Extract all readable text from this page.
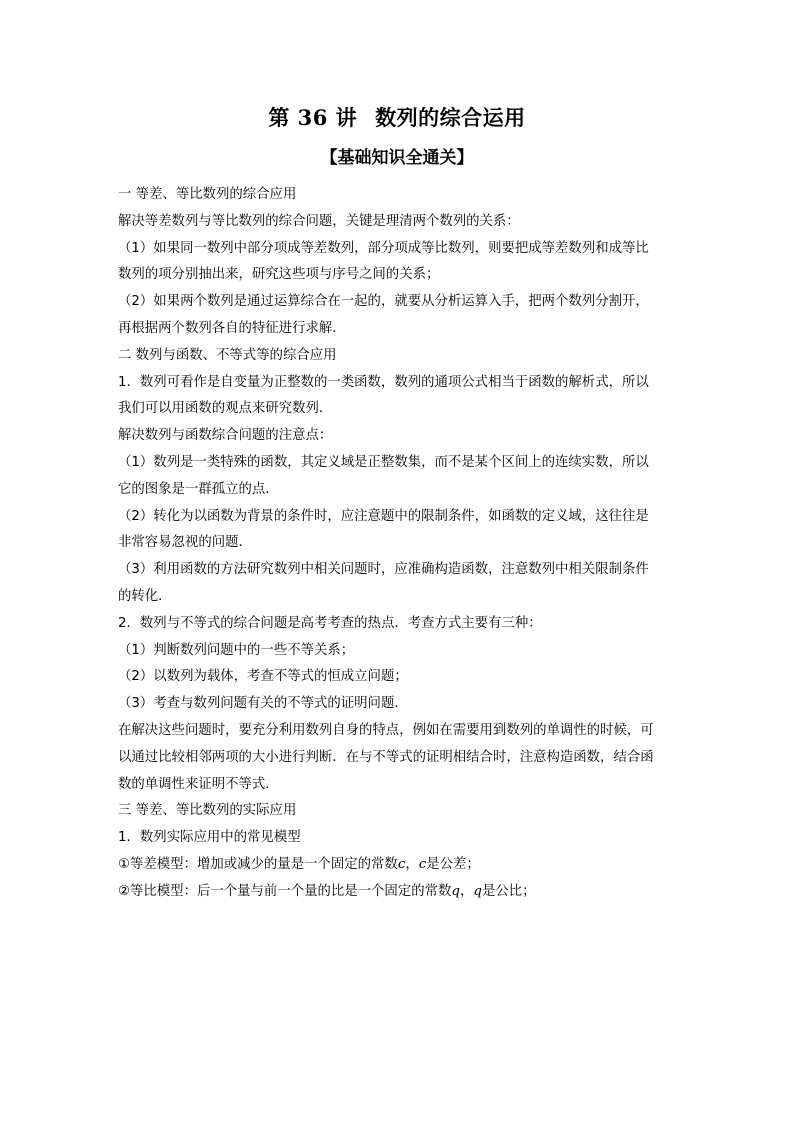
第 36 讲 数列的综合运用
【基础知识全通关】

一 等差、等比数列的综合应用

解决等差数列与等比数列的综合问题，关键是理清两个数列的关系：

（1）如果同一数列中部分项成等差数列，部分项成等比数列，则要把成等差数列和成等比

数列的项分别抽出来，研究这些项与序号之间的关系；

（2）如果两个数列是通过运算综合在一起的，就要从分析运算入手，把两个数列分割开，

再根据两个数列各自的特征进行求解．

二 数列与函数、不等式等的综合应用

1．数列可看作是自变量为正整数的一类函数，数列的通项公式相当于函数的解析式，所以

我们可以用函数的观点来研究数列．

解决数列与函数综合问题的注意点：

（1）数列是一类特殊的函数，其定义域是正整数集，而不是某个区间上的连续实数，所以

它的图象是一群孤立的点．

（2）转化为以函数为背景的条件时，应注意题中的限制条件，如函数的定义域，这往往是

非常容易忽视的问题．

（3）利用函数的方法研究数列中相关问题时，应准确构造函数，注意数列中相关限制条件

的转化．

2．数列与不等式的综合问题是高考考查的热点．考查方式主要有三种：

（1）判断数列问题中的一些不等关系；

（2）以数列为载体，考查不等式的恒成立问题；

（3）考查与数列问题有关的不等式的证明问题．

在解决这些问题时，要充分利用数列自身的特点，例如在需要用到数列的单调性的时候，可

以通过比较相邻两项的大小进行判断．在与不等式的证明相结合时，注意构造函数，结合函

数的单调性来证明不等式．

三 等差、等比数列的实际应用

1．数列实际应用中的常见模型

①等差模型：增加或减少的量是一个固定的常数c，c是公差；

②等比模型：后一个量与前一个量的比是一个固定的常数q，q是公比；
